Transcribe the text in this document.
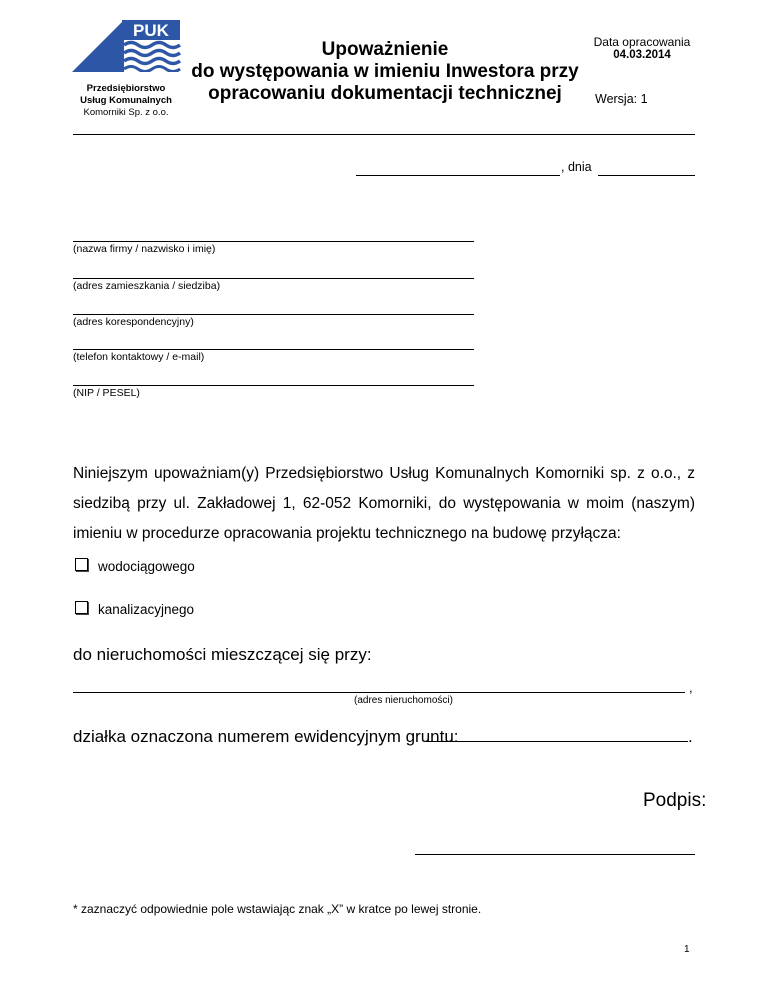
PUK
Przedsiębiorstwo
Usług Komunalnych
Komorniki Sp. z o.o.
Upoważnienie
do występowania w imieniu Inwestora przy
opracowaniu dokumentacji technicznej
Data opracowania
04.03.2014
Wersja: 1
, dnia
(nazwa firmy / nazwisko i imię)
(adres zamieszkania / siedziba)
(adres korespondencyjny)
(telefon kontaktowy / e-mail)
(NIP / PESEL)
Niniejszym upoważniam(y) Przedsiębiorstwo Usług Komunalnych Komorniki sp. z o.o., z siedzibą przy ul. Zakładowej 1, 62-052 Komorniki, do występowania w moim (naszym) imieniu w procedurze opracowania projektu technicznego na budowę przyłącza:
wodociągowego
kanalizacyjnego
do nieruchomości mieszczącej się przy:
,
(adres nieruchomości)
działka oznaczona numerem ewidencyjnym gruntu:	.
Podpis:
* zaznaczyć odpowiednie pole wstawiając znak „X” w kratce po lewej stronie.
1
